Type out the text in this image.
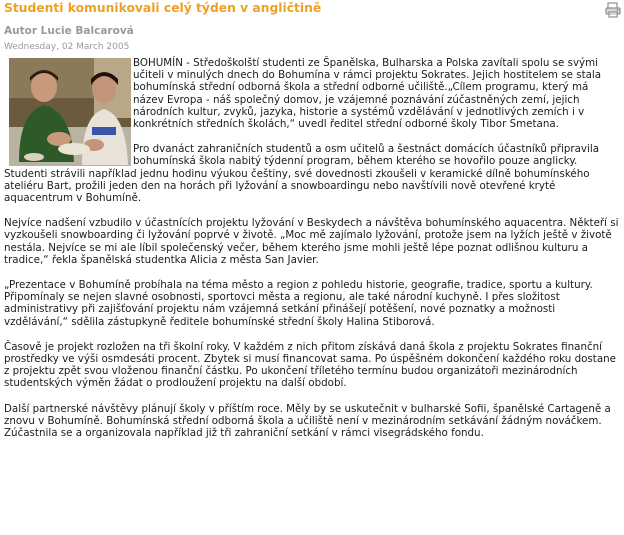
Studenti komunikovali celý týden v angličtině
Autor Lucie Balcarová
Wednesday, 02 March 2005

BOHUMÍN - Středoškolští studenti ze Španělska, Bulharska a Polska zavítali spolu se svými učiteli v minulých dnech do Bohumína v rámci projektu Sokrates. Jejich hostitelem se stala bohumínská střední odborná škola a střední odborné učiliště.„Cílem programu, který má název Evropa - náš společný domov, je vzájemné poznávání zúčastněných zemí, jejich národních kultur, zvyků, jazyka, historie a systémů vzdělávání v jednotlivých zemích i v konkrétních středních školách,“ uvedl ředitel střední odborné školy Tibor Smetana.

Pro dvanáct zahraničních studentů a osm učitelů a šestnáct domácích účastníků připravila bohumínská škola nabitý týdenní program, během kterého se hovořilo pouze anglicky. Studenti strávili například jednu hodinu výukou češtiny, své dovednosti zkoušeli v keramické dílně bohumínského ateliéru Bart, prožili jeden den na horách při lyžování a snowboardingu nebo navštívili nově otevřené kryté aquacentrum v Bohumíně.

Nejvíce nadšení vzbudilo v účastnících projektu lyžování v Beskydech a návštěva bohumínského aquacentra. Někteří si vyzkoušeli snowboarding či lyžování poprvé v životě. „Moc mě zajímalo lyžování, protože jsem na lyžích ještě v životě nestála. Nejvíce se mi ale líbil společenský večer, během kterého jsme mohli ještě lépe poznat odlišnou kulturu a tradice,“ řekla španělská studentka Alicia z města San Javier.

„Prezentace v Bohumíně probíhala na téma město a region z pohledu historie, geografie, tradice, sportu a kultury. Připomínaly se nejen slavné osobnosti, sportovci města a regionu, ale také národní kuchyně. I přes složitost administrativy při zajišťování projektu nám vzájemná setkání přinášejí potěšení, nové poznatky a možnosti vzdělávání,“ sdělila zástupkyně ředitele bohumínské střední školy Halina Stiborová.

Časově je projekt rozložen na tři školní roky. V každém z nich přitom získává daná škola z projektu Sokrates finanční prostředky ve výši osmdesáti procent. Zbytek si musí financovat sama. Po úspěšném dokončení každého roku dostane z projektu zpět svou vloženou finanční částku. Po ukončení tříletého termínu budou organizátoři mezinárodních studentských výměn žádat o prodloužení projektu na další období.

Další partnerské návštěvy plánují školy v příštím roce. Měly by se uskutečnit v bulharské Sofii, španělské Cartageně a znovu v Bohumíně. Bohumínská střední odborná škola a učiliště není v mezinárodním setkávání žádným nováčkem. Zúčastnila se a organizovala například již tři zahraniční setkání v rámci visegrádského fondu.
